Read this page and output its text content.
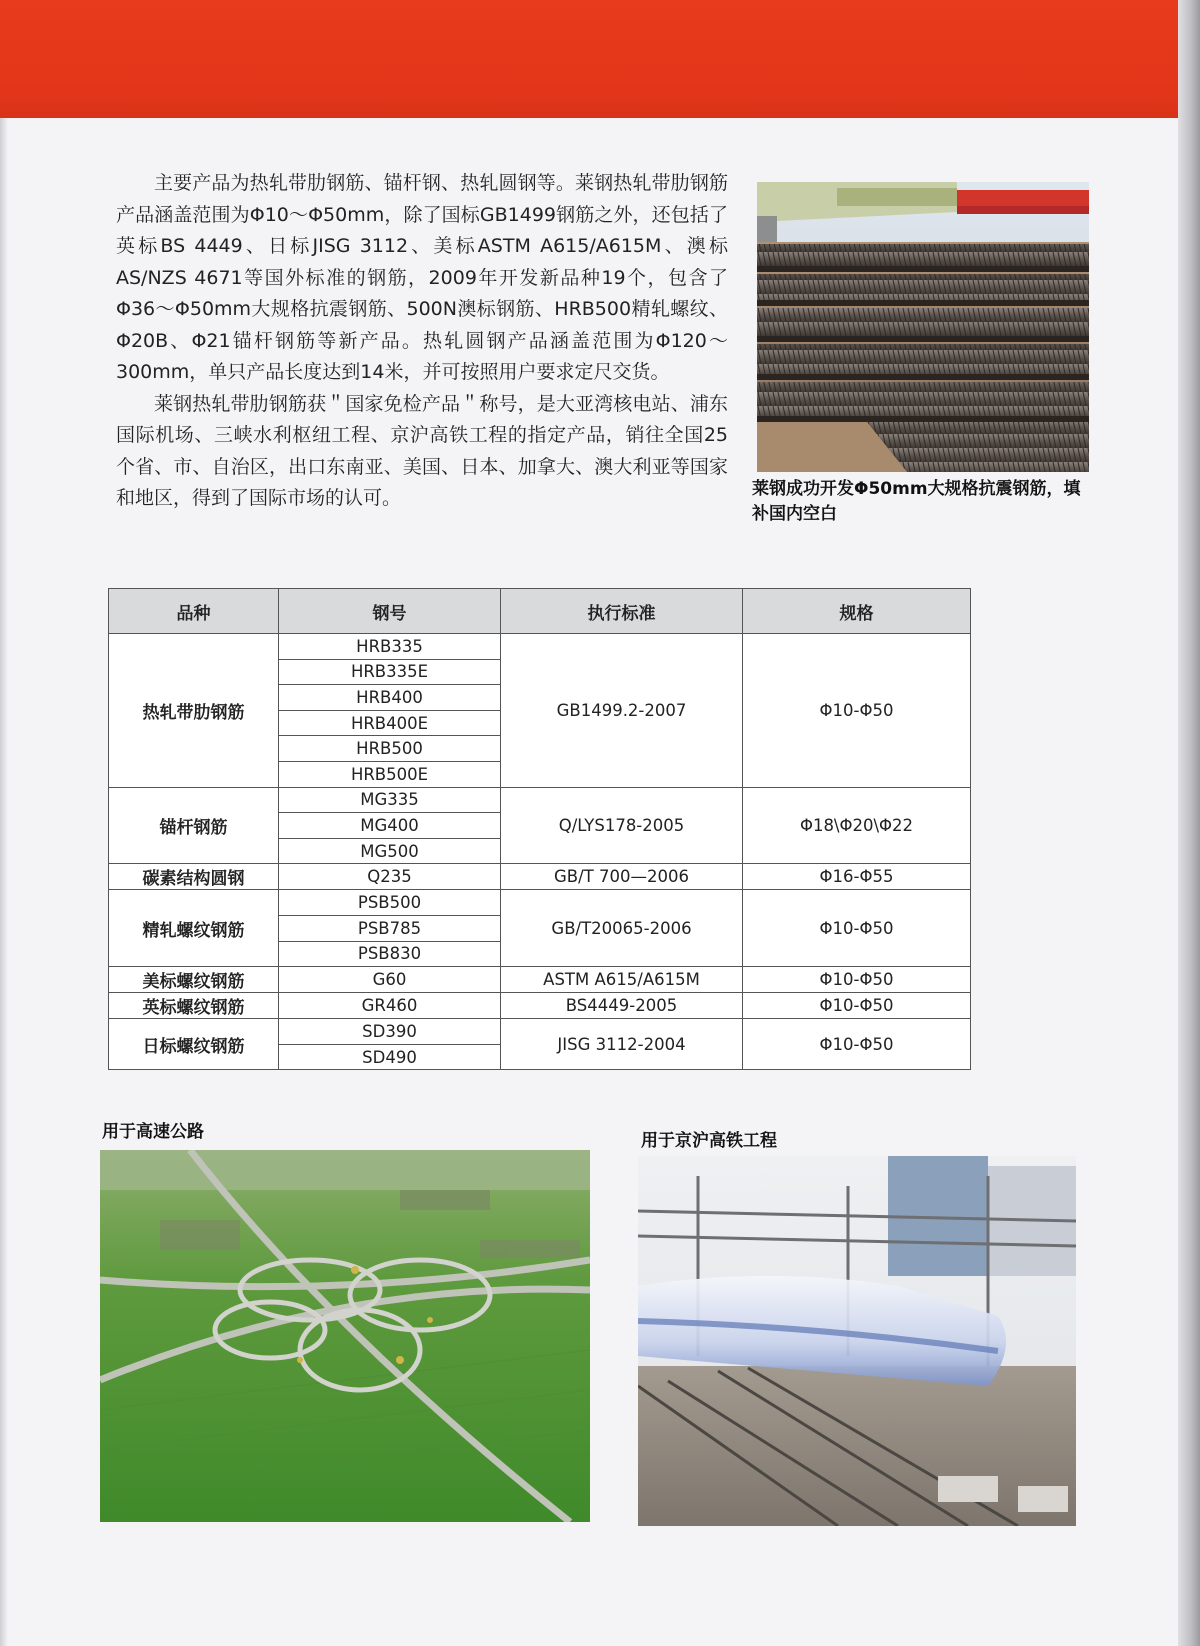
主要产品为热轧带肋钢筋、锚杆钢、热轧圆钢等。莱钢热轧带肋钢筋产品涵盖范围为Φ10～Φ50mm，除了国标GB1499钢筋之外，还包括了英标BS 4449、日标JISG 3112、美标ASTM A615/A615M、澳标AS/NZS 4671等国外标准的钢筋，2009年开发新品种19个，包含了Φ36～Φ50mm大规格抗震钢筋、500N澳标钢筋、HRB500精轧螺纹、Φ20B、Φ21锚杆钢筋等新产品。热轧圆钢产品涵盖范围为Φ120～300mm，单只产品长度达到14米，并可按照用户要求定尺交货。

莱钢热轧带肋钢筋获＂国家免检产品＂称号，是大亚湾核电站、浦东国际机场、三峡水利枢纽工程、京沪高铁工程的指定产品，销往全国25个省、市、自治区，出口东南亚、美国、日本、加拿大、澳大利亚等国家和地区，得到了国际市场的认可。	莱钢成功开发Φ50mm大规格抗震钢筋，填补国内空白
品种	钢号	执行标准	规格
热轧带肋钢筋	HRB335	GB1499.2-2007	Φ10-Φ50
	HRB335E		
	HRB400		
	HRB400E		
	HRB500		
	HRB500E		
锚杆钢筋	MG335	Q/LYS178-2005	Φ18\Φ20\Φ22
	MG400		
	MG500		
碳素结构圆钢	Q235	GB/T 700—2006	Φ16-Φ55
精轧螺纹钢筋	PSB500	GB/T20065-2006	Φ10-Φ50
	PSB785		
	PSB830		
美标螺纹钢筋	G60	ASTM A615/A615M	Φ10-Φ50
英标螺纹钢筋	GR460	BS4449-2005	Φ10-Φ50
日标螺纹钢筋	SD390	JISG 3112-2004	Φ10-Φ50
	SD490		
用于高速公路	用于京沪高铁工程
